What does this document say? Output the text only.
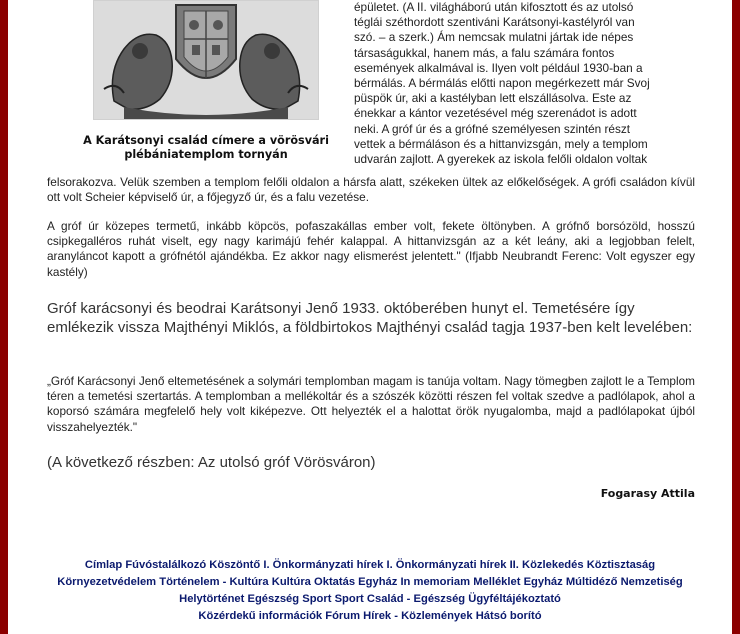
A Karátsonyi család címere a vörösvári
plébániatemplom tornyán

épületet. (A II. világháború után kifosztott és az utolsó

téglái széthordott szentiváni Karátsonyi-kastélyról van

szó. – a szerk.) Ám nemcsak mulatni jártak ide népes

társaságukkal, hanem más, a falu számára fontos

események alkalmával is. Ilyen volt például 1930-ban a

bérmálás. A bérmálás előtti napon megérkezett már Svoj

püspök úr, aki a kastélyban lett elszállásolva. Este az

énekkar a kántor vezetésével még szerenádot is adott

neki. A gróf úr és a grófné személyesen szintén részt

vettek a bérmáláson és a hittanvizsgán, mely a templom

udvarán zajlott. A gyerekek az iskola felőli oldalon voltak

felsorakozva. Velük szemben a templom felőli oldalon a hársfa alatt, székeken ültek az előkelőségek. A grófi családon kívül ott volt Scheier képviselő úr, a főjegyző úr, és a falu vezetése.

A gróf úr közepes termetű, inkább köpcös, pofaszakállas ember volt, fekete öltönyben. A grófnő borsózöld, hosszú csipkegalléros ruhát viselt, egy nagy karimájú fehér kalappal. A hittanvizsgán az a két leány, aki a legjobban felelt, aranyláncot kapott a grófnétól ajándékba. Ez akkor nagy elismerést jelentett." (Ifjabb Neubrandt Ferenc: Volt egyszer egy kastély)

Gróf karácsonyi és beodrai Karátsonyi Jenő 1933. októberében hunyt el. Temetésére így emlékezik vissza Majthényi Miklós, a földbirtokos Majthényi család tagja 1937-ben kelt levelében:

„Gróf Karácsonyi Jenő eltemetésének a solymári templomban magam is tanúja voltam. Nagy tömegben zajlott le a Templom téren a temetési szertartás. A templomban a mellékoltár és a szószék közötti részen fel voltak szedve a padlólapok, ahol a koporsó számára megfelelő hely volt kiképezve. Ott helyezték el a halottat örök nyugalomba, majd a padlólapokat újból visszahelyezték."

(A következő részben: Az utolsó gróf Vörösváron)

Fogarasy Attila
Címlap Fúvóstalálkozó Köszöntő I. Önkormányzati hírek I. Önkormányzati hírek II. Közlekedés Köztisztaság
Környezetvédelem Történelem - Kultúra Kultúra Oktatás Egyház In memoriam Melléklet Egyház Múltidéző Nemzetiség
Helytörténet Egészség Sport Sport Család - Egészség Ügyféltájékoztató
Közérdekű információk Fórum Hírek - Közlemények Hátsó borító
